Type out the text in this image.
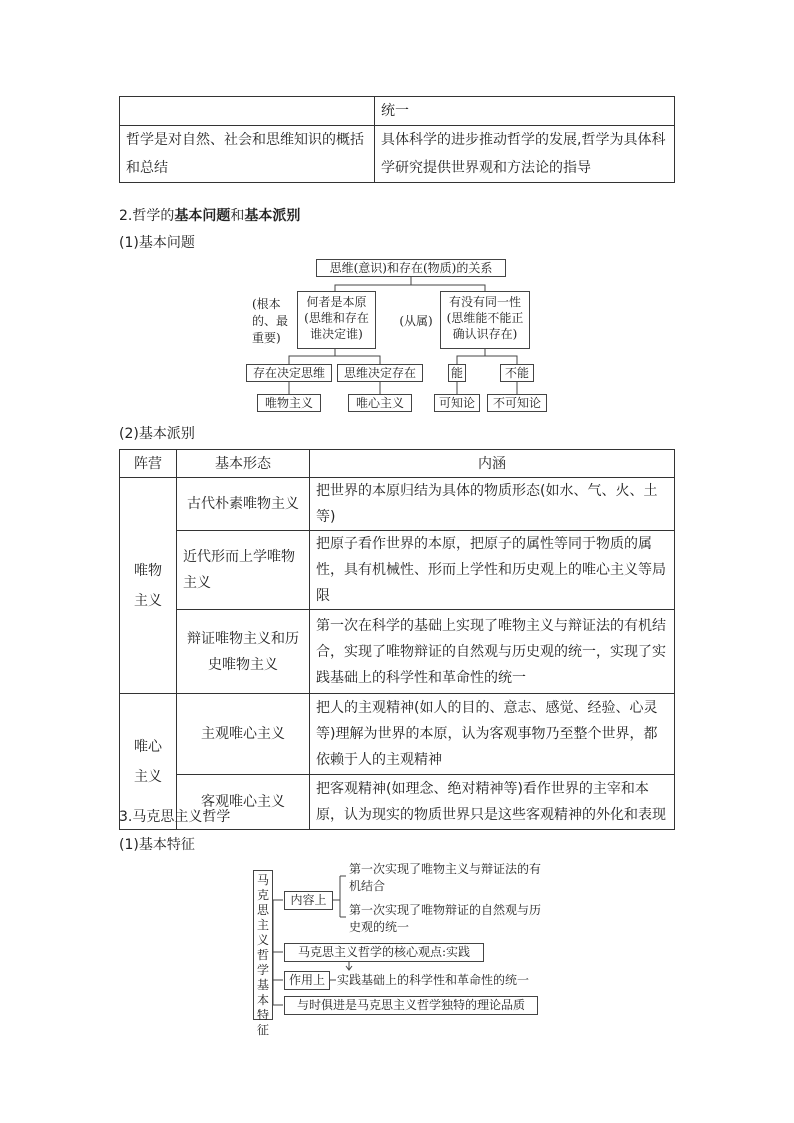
	统一
哲学是对自然、社会和思维知识的概括和总结	具体科学的进步推动哲学的发展,哲学为具体科学研究提供世界观和方法论的指导
2.哲学的基本问题和基本派别
(1)基本问题
思维(意识)和存在(物质)的关系
(根本的、最重要)
何者是本原(思维和存在谁决定谁)
(从属)
有没有同一性(思维能不能正确认识存在)
存在决定思维	思维决定存在	能	不能
唯物主义	唯心主义	可知论	不可知论
(2)基本派别
阵营	基本形态	内涵

唯物主义	古代朴素唯物主义	把世界的本原归结为具体的物质形态(如水、气、火、土等)
	近代形而上学唯物主义	把原子看作世界的本原，把原子的属性等同于物质的属性，具有机械性、形而上学性和历史观上的唯心主义等局限
	辩证唯物主义和历史唯物主义	第一次在科学的基础上实现了唯物主义与辩证法的有机结合，实现了唯物辩证的自然观与历史观的统一，实现了实践基础上的科学性和革命性的统一

唯心主义	主观唯心主义	把人的主观精神(如人的目的、意志、感觉、经验、心灵等)理解为世界的本原，认为客观事物乃至整个世界，都依赖于人的主观精神
	客观唯心主义	把客观精神(如理念、绝对精神等)看作世界的主宰和本原，认为现实的物质世界只是这些客观精神的外化和表现
3.马克思主义哲学
(1)基本特征
马克思主义哲学基本特征
内容上
第一次实现了唯物主义与辩证法的有机结合
第一次实现了唯物辩证的自然观与历史观的统一
马克思主义哲学的核心观点:实践
作用上	实践基础上的科学性和革命性的统一
与时俱进是马克思主义哲学独特的理论品质
